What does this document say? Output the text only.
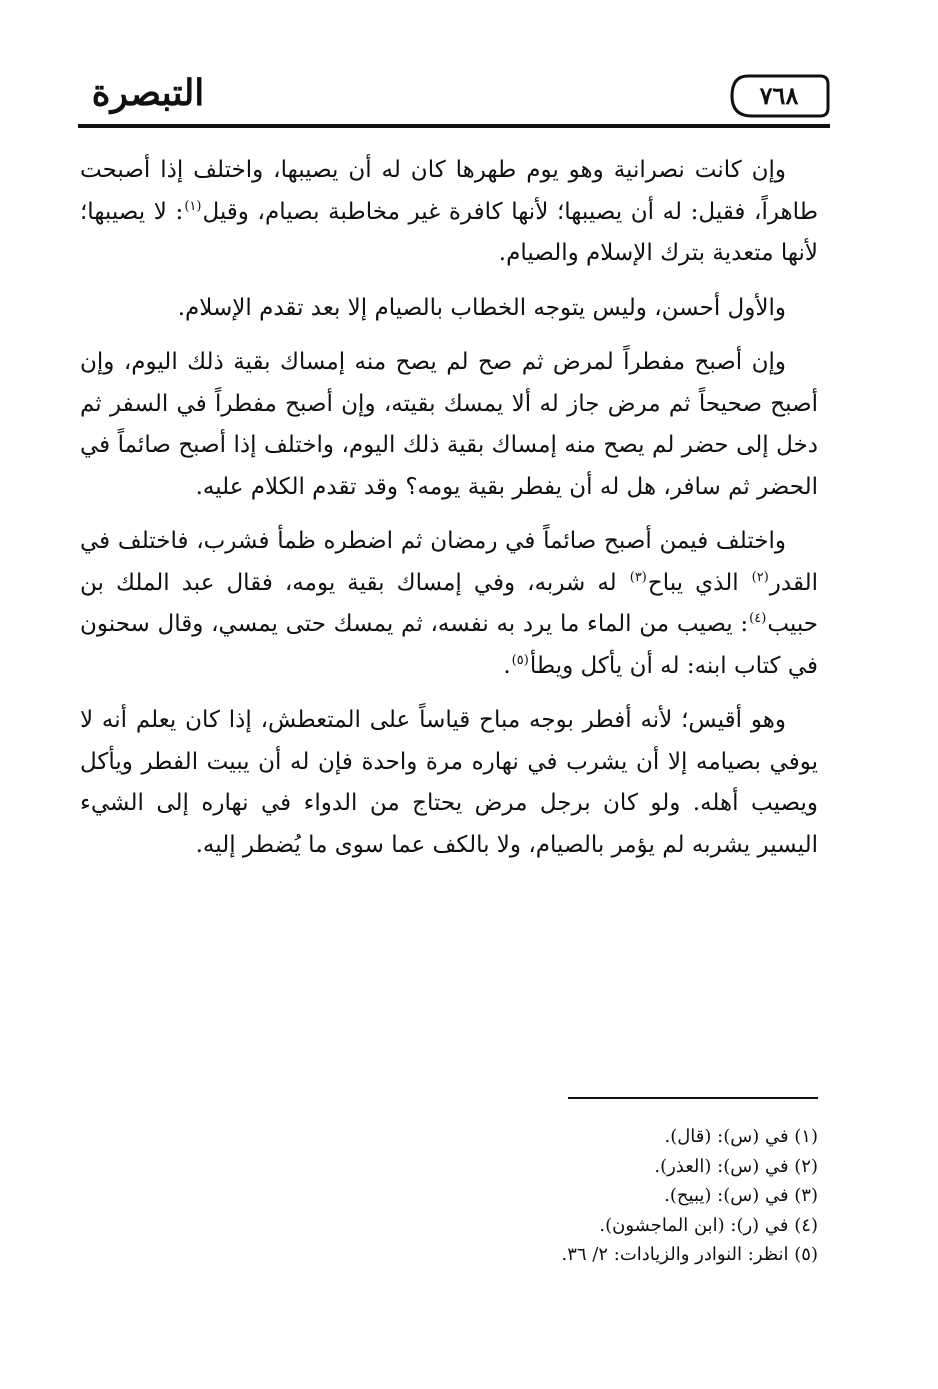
التبصرة	٧٦٨

وإن كانت نصرانية وهو يوم طهرها كان له أن يصيبها، واختلف إذا أصبحت طاهراً، فقيل: له أن يصيبها؛ لأنها كافرة غير مخاطبة بصيام، وقيل$^{(١)}$: لا يصيبها؛ لأنها متعدية بترك الإسلام والصيام.

والأول أحسن، وليس يتوجه الخطاب بالصيام إلا بعد تقدم الإسلام.

وإن أصبح مفطراً لمرض ثم صح لم يصح منه إمساك بقية ذلك اليوم، وإن أصبح صحيحاً ثم مرض جاز له ألا يمسك بقيته، وإن أصبح مفطراً في السفر ثم دخل إلى حضر لم يصح منه إمساك بقية ذلك اليوم، واختلف إذا أصبح صائماً في الحضر ثم سافر، هل له أن يفطر بقية يومه؟ وقد تقدم الكلام عليه.

واختلف فيمن أصبح صائماً في رمضان ثم اضطره ظمأ فشرب، فاختلف في القدر$^{(٢)}$ الذي يباح$^{(٣)}$ له شربه، وفي إمساك بقية يومه، فقال عبد الملك بن حبيب$^{(٤)}$: يصيب من الماء ما يرد به نفسه، ثم يمسك حتى يمسي، وقال سحنون في كتاب ابنه: له أن يأكل ويطأ$^{(٥)}$.

وهو أقيس؛ لأنه أفطر بوجه مباح قياساً على المتعطش، إذا كان يعلم أنه لا يوفي بصيامه إلا أن يشرب في نهاره مرة واحدة فإن له أن يبيت الفطر ويأكل ويصيب أهله. ولو كان برجل مرض يحتاج من الدواء في نهاره إلى الشيء اليسير يشربه لم يؤمر بالصيام، ولا بالكف عما سوى ما يُضطر إليه.

(١) في (س): (قال).
(٢) في (س): (العذر).
(٣) في (س): (يبيح).
(٤) في (ر): (ابن الماجشون).
(٥) انظر: النوادر والزيادات: ٢/ ٣٦.
